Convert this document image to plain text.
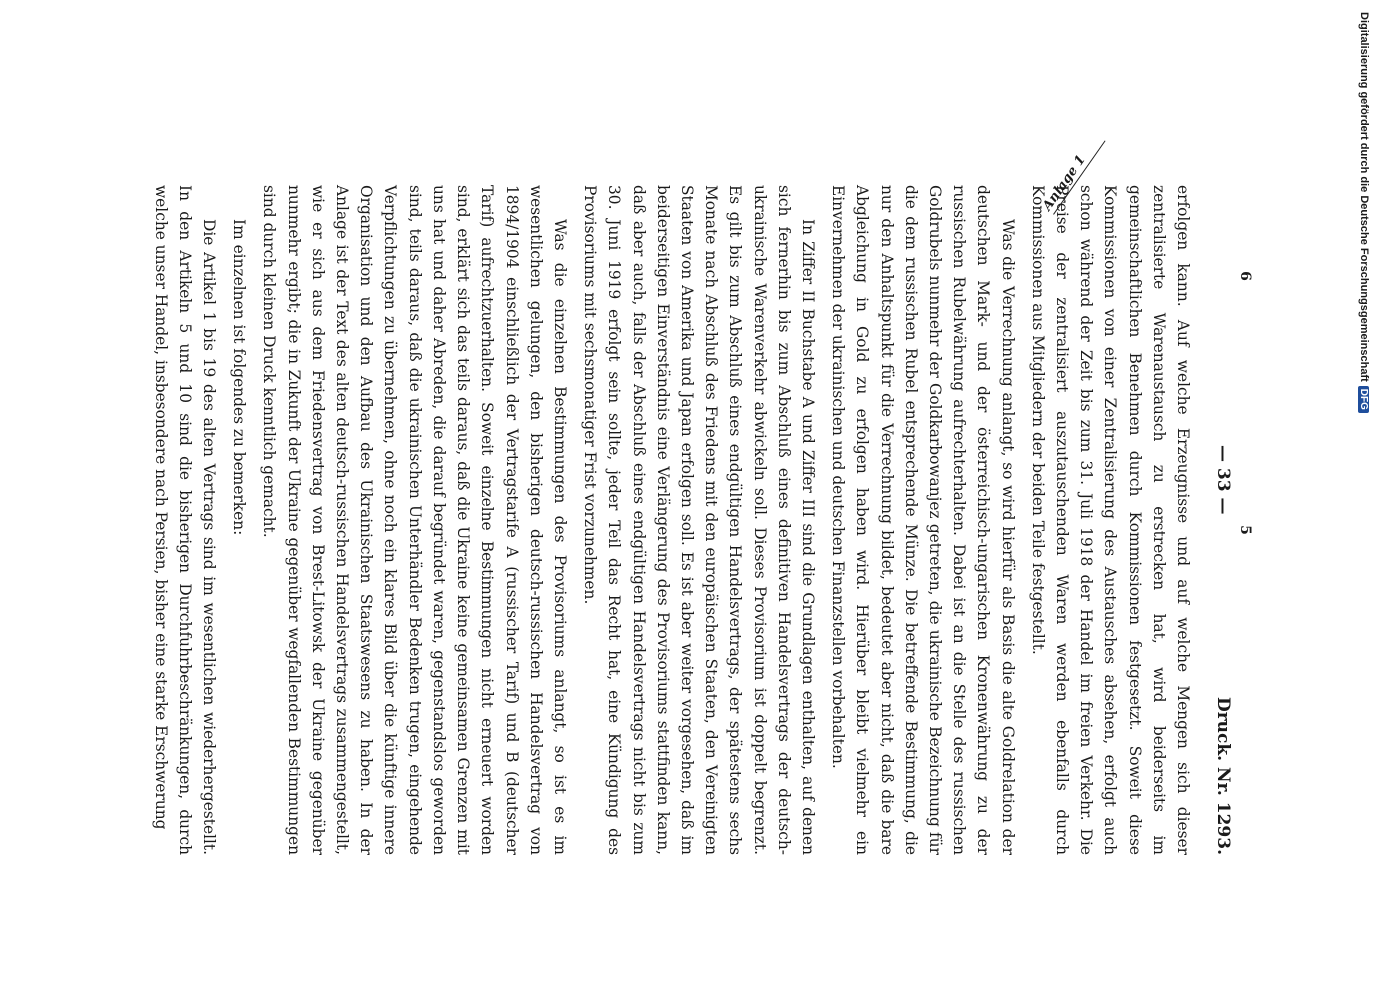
— 33 —
Druck. Nr. 1293.

erfolgen kann. Auf welche Erzeugnisse und auf welche Mengen sich dieser zentralisierte Warenaustausch zu erstrecken hat, wird beiderseits im gemeinschaftlichen Benehmen durch Kommissionen festgesetzt. Soweit diese Kommissionen von einer Zentralisierung des Austausches absehen, erfolgt auch schon während der Zeit bis zum 31. Juli 1918 der Handel im freien Verkehr. Die Preise der zentralisiert auszutauschenden Waren werden ebenfalls durch Kommissionen aus Mitgliedern der beiden Teile festgestellt.

Was die Verrechnung anlangt, so wird hierfür als Basis die alte Goldrelation der deutschen Mark- und der österreichisch-ungarischen Kronenwährung zu der russischen Rubelwährung aufrechterhalten. Dabei ist an die Stelle des russischen Goldrubels nunmehr der Goldkarbowanjez getreten, die ukrainische Bezeichnung für die dem russischen Rubel entsprechende Münze. Die betreffende Bestimmung, die nur den Anhaltspunkt für die Verrechnung bildet, bedeutet aber nicht, daß die bare Abgleichung in Gold zu erfolgen haben wird. Hierüber bleibt vielmehr ein Einvernehmen der ukrainischen und deutschen Finanzstellen vorbehalten.

In Ziffer II Buchstabe A und Ziffer III sind die Grundlagen enthalten, auf denen sich fernerhin bis zum Abschluß eines definitiven Handelsvertrags der deutsch-ukrainische Warenverkehr abwickeln soll. Dieses Provisorium ist doppelt begrenzt. Es gilt bis zum Abschluß eines endgültigen Handelsvertrags, der spätestens sechs Monate nach Abschluß des Friedens mit den europäischen Staaten, den Vereinigten Staaten von Amerika und Japan erfolgen soll. Es ist aber weiter vorgesehen, daß im beiderseitigen Einverständnis eine Verlängerung des Provisoriums stattfinden kann, daß aber auch, falls der Abschluß eines endgültigen Handelsvertrags nicht bis zum 30. Juni 1919 erfolgt sein sollte, jeder Teil das Recht hat, eine Kündigung des Provisoriums mit sechsmonatiger Frist vorzunehmen.

Was die einzelnen Bestimmungen des Provisoriums anlangt, so ist es im wesentlichen gelungen, den bisherigen deutsch-russischen Handelsvertrag von 1894/1904 einschließlich der Vertragstarife A (russischer Tarif) und B (deutscher Tarif) aufrechtzuerhalten. Soweit einzelne Bestimmungen nicht erneuert worden sind, erklärt sich das teils daraus, daß die Ukraine keine gemeinsamen Grenzen mit uns hat und daher Abreden, die darauf begründet waren, gegenstandslos geworden sind, teils daraus, daß die ukrainischen Unterhändler Bedenken trugen, eingehende Verpflichtungen zu übernehmen, ohne noch ein klares Bild über die künftige innere Organisation und den Aufbau des Ukrainischen Staatswesens zu haben. In der Anlage ist der Text des alten deutsch-russischen Handelsvertrags zusammengestellt, wie er sich aus dem Friedensvertrag von Brest-Litowsk der Ukraine gegenüber nunmehr ergibt; die in Zukunft der Ukraine gegenüber wegfallenden Bestimmungen sind durch kleinen Druck kenntlich gemacht.

Im einzelnen ist folgendes zu bemerken:

Die Artikel 1 bis 19 des alten Vertrags sind im wesentlichen wiederhergestellt. In den Artikeln 5 und 10 sind die bisherigen Durchfuhrbeschränkungen, durch welche unser Handel, insbesondere nach Persien, bisher eine starke Erschwerung

Anlage 1
6
5
Digitalisierung gefördert durch die Deutsche ForschungsgemeinschaftDFG
